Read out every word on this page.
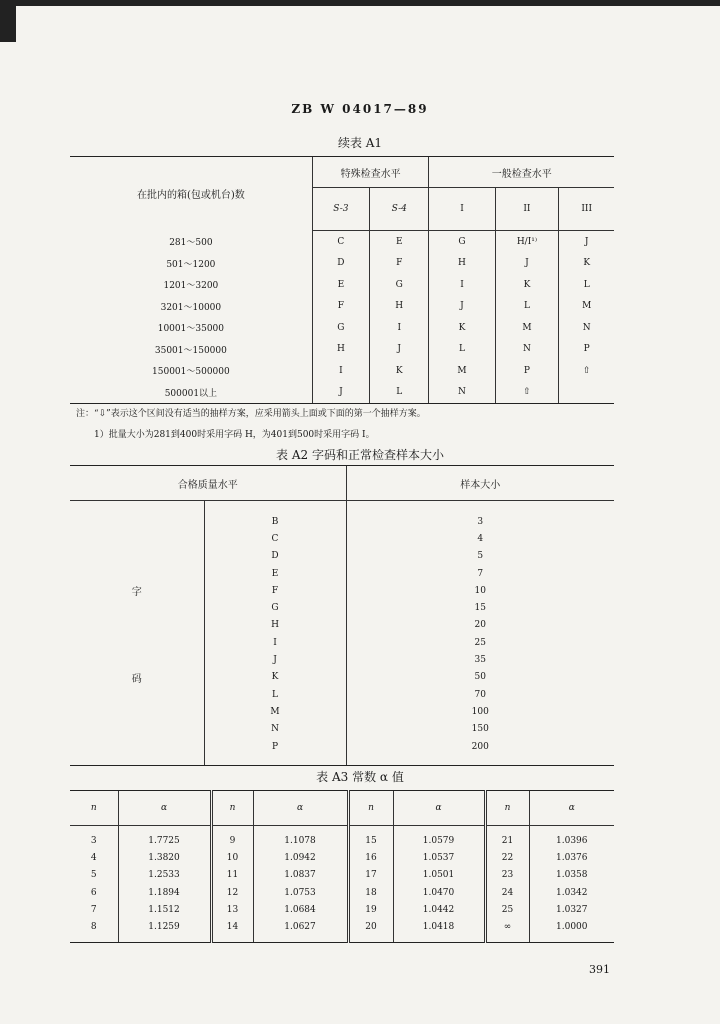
ZB W 04017—89
续表 A1
在批内的箱(包或机台)数	特殊检查水平		一般检查水平		
	S-3	S-4	I	II	III
281～500	C	E	G	H/I¹⁾	J
501～1200	D	F	H	J	K
1201～3200	E	G	I	K	L
3201～10000	F	H	J	L	M
10001～35000	G	I	K	M	N
35001～150000	H	J	L	N	P
150001～500000	I	K	M	P	⇧
500001以上	J	L	N	⇧	
注：“⇩”表示这个区间没有适当的抽样方案，应采用箭头上面或下面的第一个抽样方案。
1）批量大小为281到400时采用字码 H，为401到500时采用字码 I。
表 A2 字码和正常检查样本大小
合格质量水平		样本大小
	B	3
	C	4
	D	5
	E	7
字	F	10
	G	15
	H	20
	I	25
	J	35
码	K	50
	L	70
	M	100
	N	150
	P	200
表 A3 常数 α 值
n	α	n	α	n	α	n	α
3	1.7725	9	1.1078	15	1.0579	21	1.0396
4	1.3820	10	1.0942	16	1.0537	22	1.0376
5	1.2533	11	1.0837	17	1.0501	23	1.0358
6	1.1894	12	1.0753	18	1.0470	24	1.0342
7	1.1512	13	1.0684	19	1.0442	25	1.0327
8	1.1259	14	1.0627	20	1.0418	∞	1.0000
391
